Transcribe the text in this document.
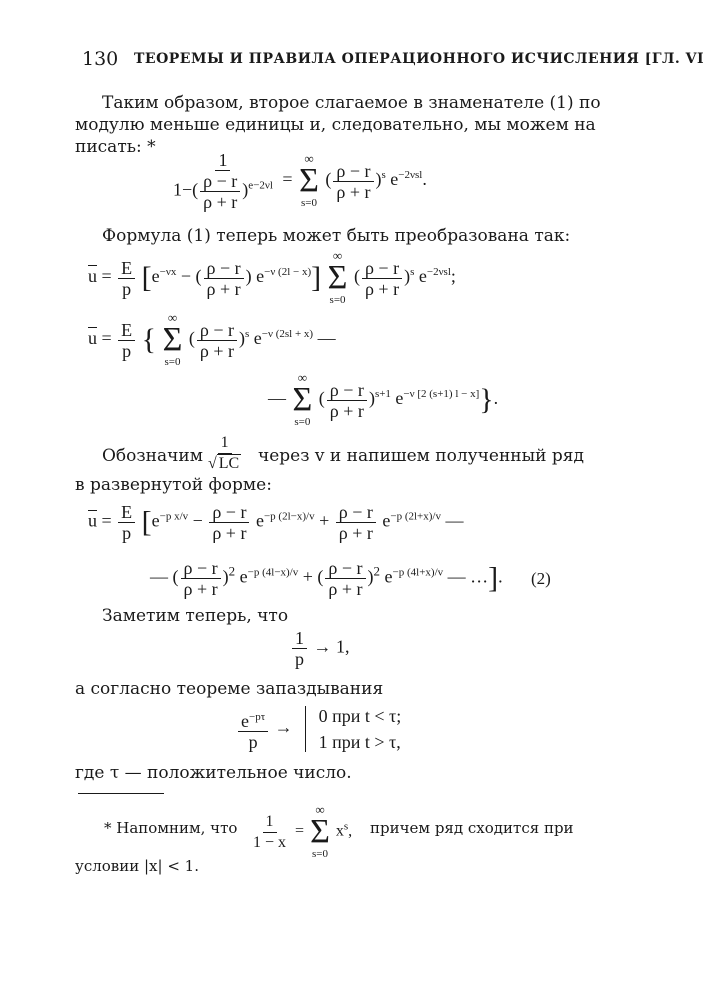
130 ТЕОРЕМЫ И ПРАВИЛА ОПЕРАЦИОННОГО ИСЧИСЛЕНИЯ [ГЛ. VI
Таким образом, второе слагаемое в знаменателе (1) по
модулю меньше единицы и, следовательно, мы можем на
писать: *
$\frac{1}{1-( \frac{\rho - r}{\rho + r} )^{e-2\nu l}}$ =
∞
Σ
s=0
( $\frac{\rho - r}{\rho + r} )^s$ $e^{-2\nu sl}$.
Формула (1) теперь может быть преобразована так:
$\overline{u} = \frac{E}{p} [e^{-\nu x}$ − ( $\frac{\rho - r}{\rho + r}$ ) $e^{-\nu (2l - x)}$]
∞
Σ
s=0
( $\frac{\rho - r}{\rho + r} )^s$ $e^{-2\nu sl}$;
$\overline{u} = \frac{E}{p}$ {
∞
Σ
s=0
( $\frac{\rho - r}{\rho + r} )^s$ $e^{-\nu (2sl + x)}$ —
—
∞
Σ
s=0
( $\frac{\rho - r}{\rho + r} )^{s+1}$ $e^{-\nu [2 (s+1) l - x]}$}.
Обозначим $\frac{1}{√ LC}$ через v и напишем полученный ряд
в развернутой форме:
$\overline{u} = \frac{E}{p} [e^{-p x/v} - \frac{\rho - r}{\rho + r} e^{-p (2l-x)/v} + \frac{\rho - r}{\rho + r} e^{-p (2l+x)/v}$ —
— ( $\frac{\rho - r}{\rho + r} )^2$ $e^{-p (4l-x)/v}$ + ( $\frac{\rho - r}{\rho + r} )^2$ $e^{-p (4l+x)/v}$ — …]. (2)
Заметим теперь, что
$\frac{1}{p} \to 1$,
а согласно теореме запаздывания
$\frac{e^{-p\tau}}{p}$ →
0 при t < τ;
1 при t > τ,
где τ — положительное число.
* Напомним, что $\frac{1}{1 - x}$ =
∞
Σ
s=0
$x^s$, причем ряд сходится при
условии |x| < 1.
